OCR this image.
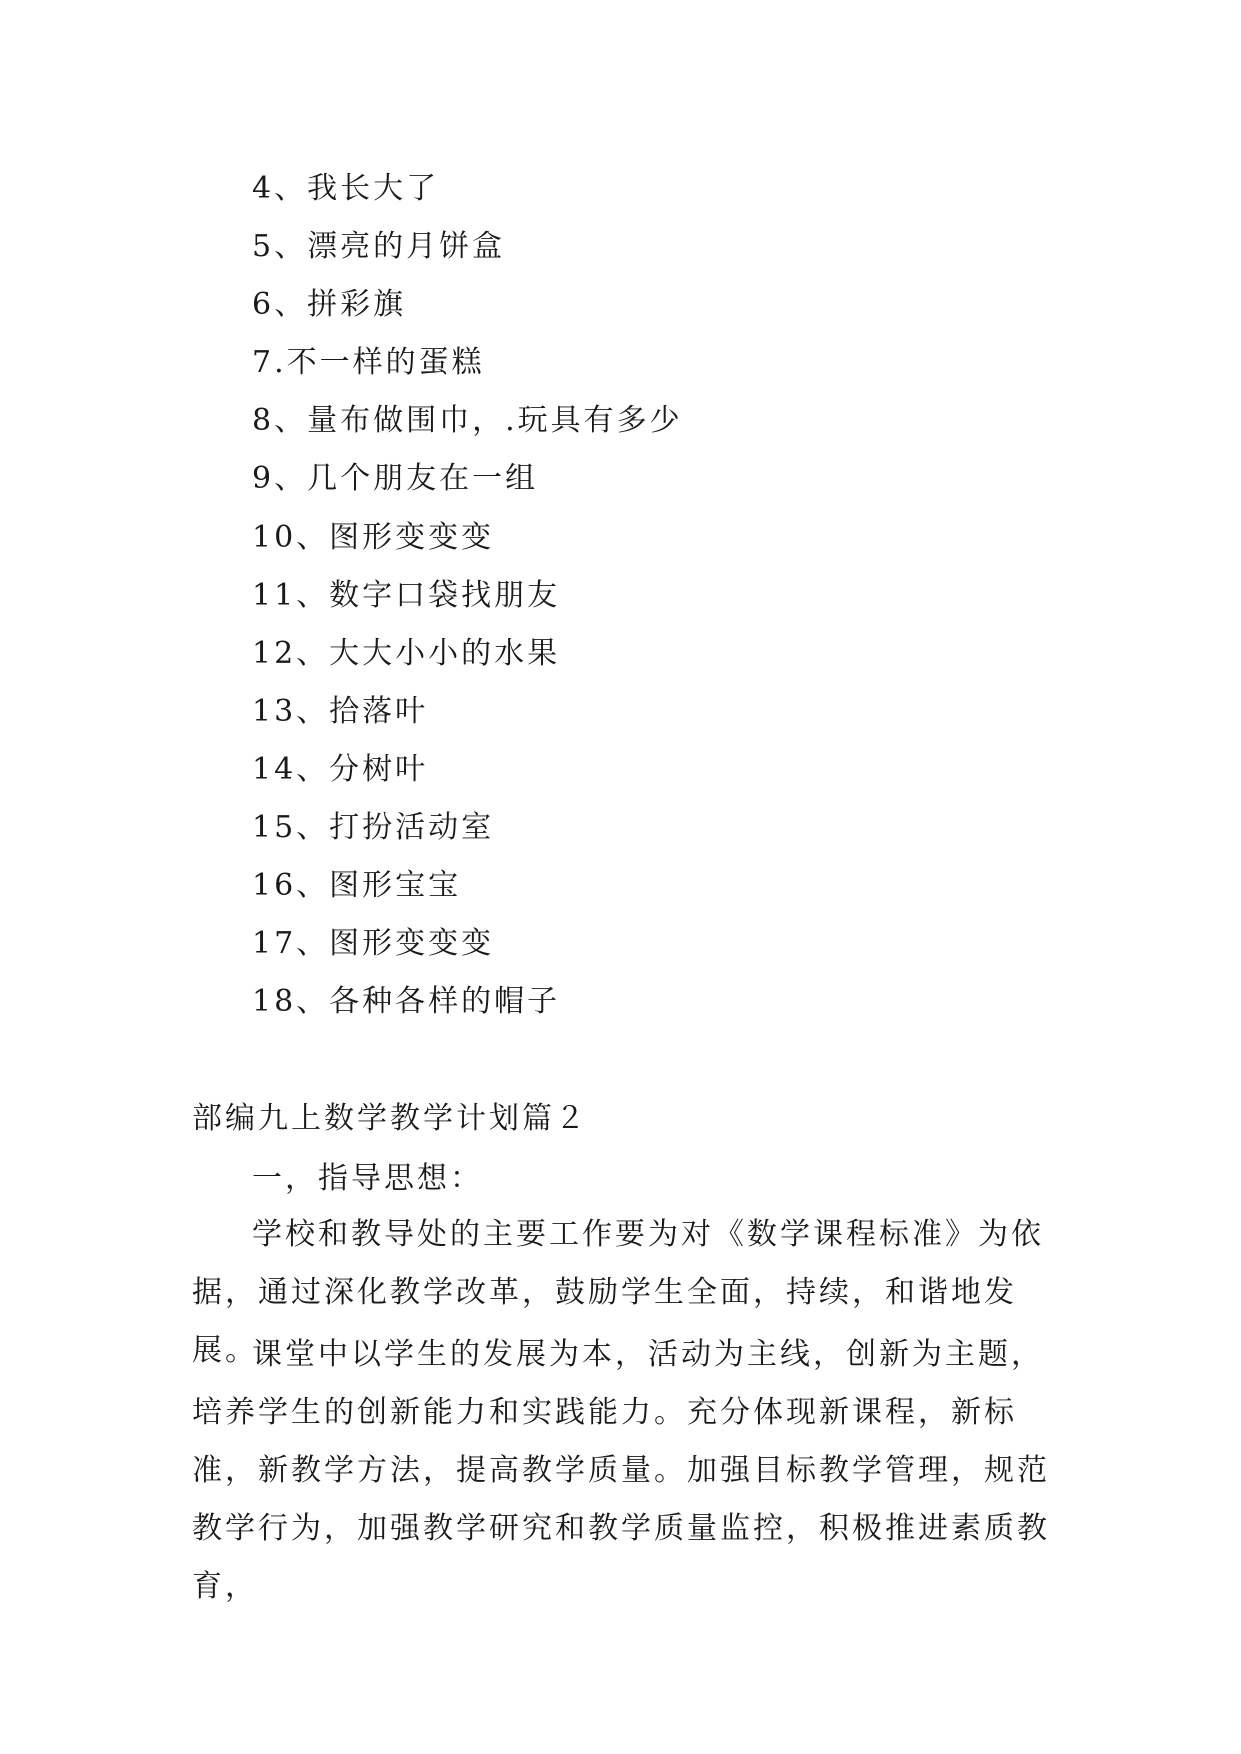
4、我长大了
5、漂亮的月饼盒
6、拼彩旗
7.不一样的蛋糕
8、量布做围巾，.玩具有多少
9、几个朋友在一组
10、图形变变变
11、数字口袋找朋友
12、大大小小的水果
13、拾落叶
14、分树叶
15、打扮活动室
16、图形宝宝
17、图形变变变
18、各种各样的帽子
部编九上数学教学计划篇２
一，指导思想：

学校和教导处的主要工作要为对《数学课程标准》为依据，通过深化教学改革，鼓励学生全面，持续，和谐地发展。

课堂中以学生的发展为本，活动为主线，创新为主题，培养学生的创新能力和实践能力。充分体现新课程，新标准，新教学方法，提高教学质量。加强目标教学管理，规范教学行为，加强教学研究和教学质量监控，积极推进素质教育，
